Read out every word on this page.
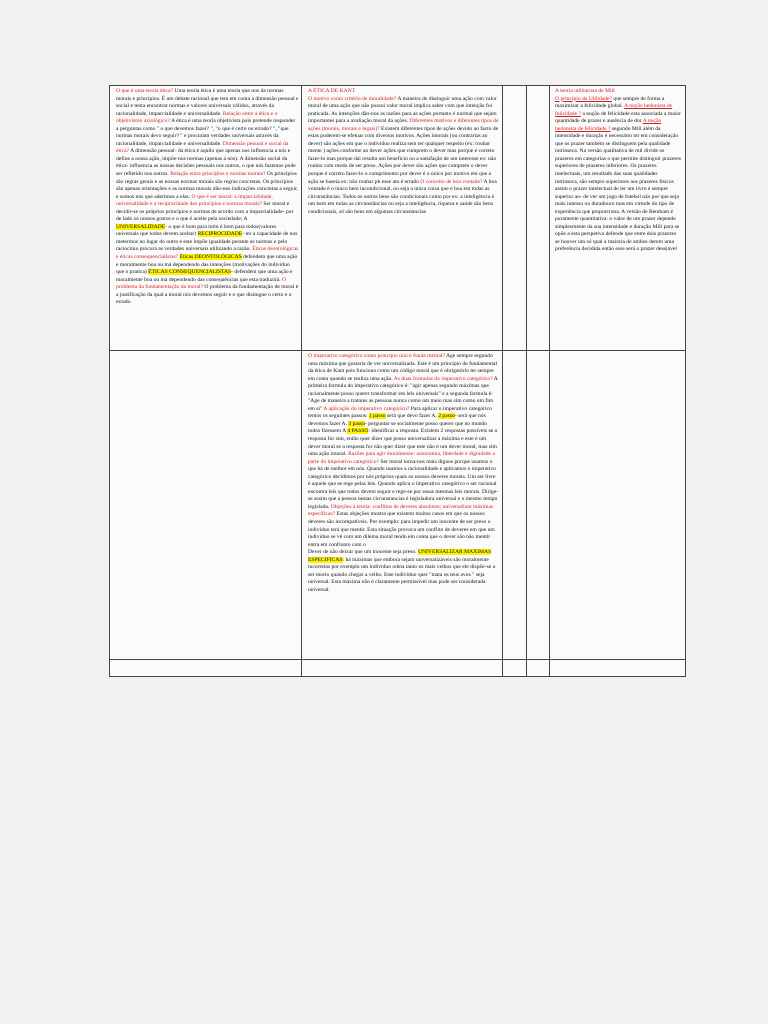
O que é uma teoria ética? Uma teoria ética é uma teoria que nos da normas morais e princípios. É um debate racional que tem em conta a dimensão pessoal e social e tenta encontrar normas e valores universais válidos, através da racionalidade, imparcialidade e universalidade. Relação entre a ética e o objetivismo axiológico? A ética é uma teoria objetivista pois pretende responder a perguntas como " o que devemos fazer? ", "o que é certo ou errado? ", "que normas morais devo seguir? " e procuram verdades universais através da racionalidade, imparcialidade e universalidade. Dimensão pessoal e social da ética? A dimensão pessoal- da ética é aquilo que apenas nos influencia a nós e define a nossa ação, impõe-nos normas (apenas a nós). A dimensão social da ética- influencia as nossas decisões pessoais nos outros, o que nós fazemos pode ser refletido nos outros. Relação entre princípios e normas morais? Os princípios são regras gerais e as nossas normas morais são regras concretas. Os princípios são apenas orientações e as normas morais dão-nos indicações concretas a seguir, e somos nós que aderimos a elas. O que é ser moral: a imparcialidade, universalidade e a reciprocidade dos princípios e normas morais? Ser moral e decidir-se os próprios princípios e normas de acordo com a imparcialidade- por de lado os nossos gostos e o que é aceite pela sociedade; A UNIVERSALIDADE- o que é bom para mim é bom para todos(valores universais que todos devem aceitar) RECIPROCIDADE- ter a capacidade de nos metermos no lugar do outro e este impõe igualdade perante as normas e pelo raciocínio procura as verdades universais utilizando a razão. Éticas deontológicas e éticas consequencialistas? Éticas DEONTOLÓGICAS defendem que uma ação e moralmente boa ou má dependendo das intenções (motivações do individuo que o pratica) ÉTICAS CONSEQUENCIALISTAS- defendem que uma ação e moralmente boa ou má dependendo das consequências que esta traduzirá. O problema da fundamentação da moral? O problema da fundamentação de moral é a justificação da qual a moral nós devemos seguir e o que distingue o certo e o errado.

A ÉTICA DE KANT
O motivo como critério de moralidade? A maneira de distinguir uma ação com valor moral de uma ação que não possui valor moral implica saber com que intenção foi praticada. As intenções dão-nos as razões para as ações portanto é normal que sejam importantes para a avaliação moral da ações. Diferentes motivos e diferentes tipos de ações (morais, morais e legais)? Existem diferentes tipos de ações devido ao facto de estas poderem-se efetuar com diversos motivos. Ações imorais (ou contrarias ao dever) são ações em que o individuo realiza sem ter qualquer respeito (ex: roubar mente ) ações conforme ao dever ações que cumprem o dever mas porque é correto fazer-lo mas porque dai resulta um beneficio ou a satisfação de um interesse ex: não roubar com medo de ser preso. Ações por dever são ações que cumprem o dever porque é correto fazer-lo o cumprimento por dever é o único por motivo em que a ação se baseia ex: não roubar pk esse ato é errado O conceito de boa vontade? A boa vontade é o único bem incondicional, ou seja a única coisa que é boa em todas as circunstâncias. Todos os outros bens são condicionais como por ex: a inteligência é um bem em todas as circunstâncias ou seja a inteligência, riqueza e saúde são bens condicionais, só são bens em algumas circunstancias

A teoria utilitarista de Mill
O princípio da Utilidade? que sempre de forma a maximizar a felicidade global. A noção hedonista de felicidade ? a noção de felicidade esta associada a maior quantidade de prazer e ausência de dor A noção hedonista de felicidade ? segundo Mill além da intensidade e duração é necessário ter em consideração que os prazer também se distinguem pela qualidade intrínseca. Na versão qualitativa de mil divide os prazeres em categorias o que permite distinguir prazeres superiores de prazeres inferiores. Os prazeres intelectuais, um resultado das suas qualidades intrínseca, são sempre superiores aos prazeres físicos assim o prazer intelectual de ler um livro é sempre superior ao- de ver um jogo de futebol não por que seja mais intenso ou duradouro mas em virtude do tipo de experiência que proporciona. A versão de Bentham é puramente quantitativa: o valor de um prazer depende simplesmente da sua intensidade e duração Mill para se opõe a esta perspetiva defende que entre dois prazeres se houver um só qual a maioria de ambos derem uma preferência decidida então esse será o prazer desejável

O imperativo categórico como princípio único funda mental? Age sempre segundo uma máxima que gostaria de ver universalizada. Este é um princípio de fundamental da ética de Kant pois funciona como um código moral que é obrigatório ter sempre em conta quando se realiza uma ação. As duas formulas do imperativo categórico? A primeira formula do imperativo categórico é: "agir apenas segundo máximas que racionalmente posso querer transformar em leis universais" e a segunda formula é: "Age de maneira a tratares as pessoas nunca como um meio mas sim como um fim em si" A aplicação do imperativo categórico? Para aplicar o imperativo categórico temos os seguintes passos: 1 passo será que devo fazer A. 2 passo- será que nós devemos fazer A. 3 passo- perguntar se socialmente posso querer que no mundo todos fizessem A 4 PASSO: identificar a resposta. Existem 2 respostas possíveis se a resposta for sim, então quer dizer que posso universalizar a máxima e este é um dever moral se a resposta for não quer dizer que este não é um dever moral, mas sim uma ação imoral. Razões para agir moralmente: autonomia, liberdade e dignidade a parte do imperativo categórico? Ser moral torna-nos mais dignos porque usamos o que há de melhor em nós. Quando usamos a racionalidade e aplicamos o imperativo categórico decidimos por nós próprios quais os nossos deveres morais. Um ser livre é aquele que se rege pelas leis. Quando aplica o imperativo categórico o ser racional encontra leis que todos devem seguir e rege-se por essas mesmas leis morais. Dirige-se assim que a pessoa nestas circunstancias é legisladora universal e o mesmo tempo legislada. Objeções à teoria: conflitos de deveres absolutos; universalizar máximas específicas? Estas objeções mostra que existem muitos casos em que os nossos deveres são incompatíveis. Por exemplo: para impedir um inocente de ser preso o indivíduo terá que mentir. Esta situação provoca um conflito de deveres em que um individuo se vê com um dilema moral tendo em conta que o dever são não mentir entra em confronto com o
Dever de não deixar que um inocente seja preso. UNIVERSALIZAR MAXIMAS ESPECIFICAS: há máximas que embora sejam universalizáveis são moralmente incorretas por exemplo um individuo odeia tanto os mais velhos que ele dispõe-se a ser morto quando chegar a velho. Este individuo quer "mata os teus avos " seja universal. Esta máxima não é claramente permissível mas pode ser considerada universal.
